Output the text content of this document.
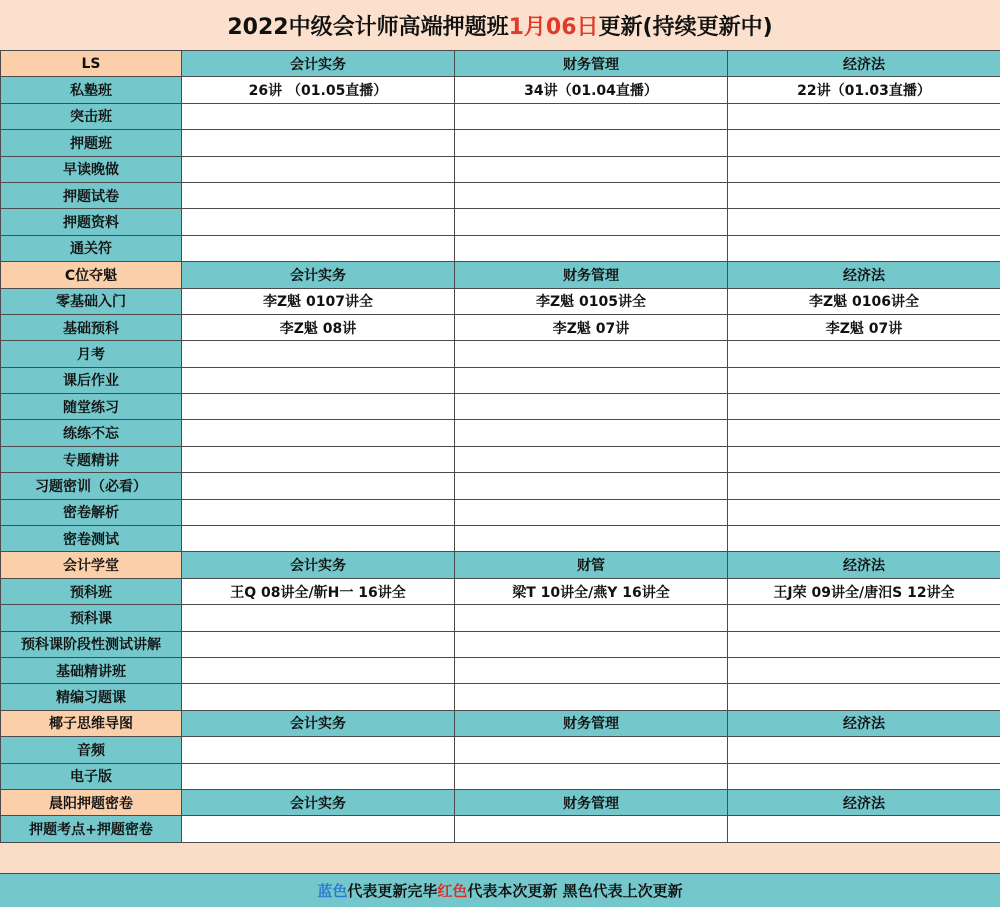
2022中级会计师高端押题班 1月06日 更新(持续更新中)
LS	会计实务	财务管理	经济法
私塾班	26讲 （01.05直播）	34讲（01.04直播）	22讲（01.03直播）
突击班			
押题班			
早读晚做			
押题试卷			
押题资料			
通关符			
C位夺魁	会计实务	财务管理	经济法
零基础入门	李Z魁 0107讲全	李Z魁 0105讲全	李Z魁 0106讲全
基础预科	李Z魁 08讲	李Z魁 07讲	李Z魁 07讲
月考			
课后作业			
随堂练习			
练练不忘			
专题精讲			
习题密训（必看）			
密卷解析			
密卷测试			
会计学堂	会计实务	财管	经济法
预科班	王Q 08讲全/靳H一 16讲全	梁T 10讲全/燕Y 16讲全	王J荣 09讲全/唐汨S 12讲全
预科课			
预科课阶段性测试讲解			
基础精讲班			
精编习题课			
椰子思维导图	会计实务	财务管理	经济法
音频			
电子版			
晨阳押题密卷	会计实务	财务管理	经济法
押题考点+押题密卷			
蓝色 代表更新完毕 红色 代表本次更新 黑色代表上次更新
